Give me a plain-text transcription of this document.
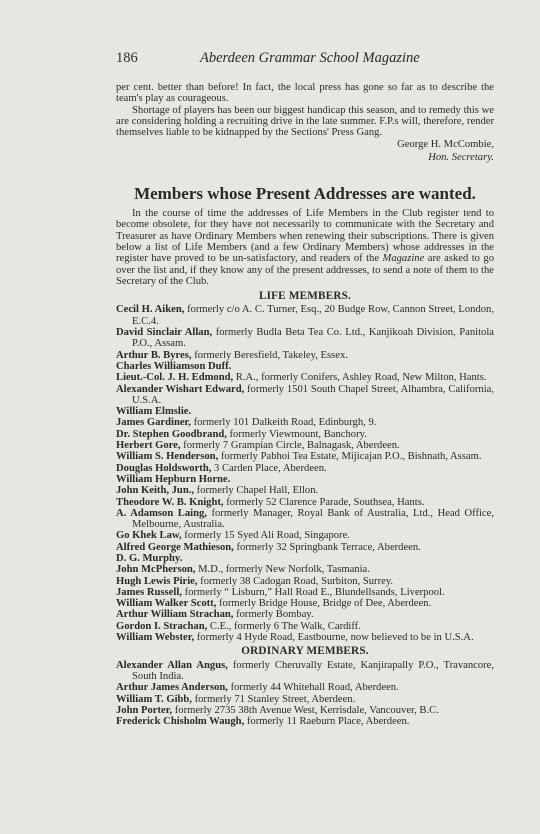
186	Aberdeen Grammar School Magazine

per cent. better than before! In fact, the local press has gone so far as to describe the team's play as courageous.

Shortage of players has been our biggest handicap this season, and to remedy this we are considering holding a recruiting drive in the late summer. F.P.s will, therefore, render themselves liable to be kidnapped by the Sections' Press Gang.

George H. McCombie,
Hon. Secretary.
Members whose Present Addresses are wanted.

In the course of time the addresses of Life Members in the Club register tend to become obsolete, for they have not necessarily to communicate with the Secretary and Treasurer as have Ordinary Members when renewing their subscriptions. There is given below a list of Life Members (and a few Ordinary Members) whose addresses in the register have proved to be un-satisfactory, and readers of the Magazine are asked to go over the list and, if they know any of the present addresses, to send a note of them to the Secretary of the Club.

LIFE MEMBERS.
Cecil H. Aiken, formerly c/o A. C. Turner, Esq., 20 Budge Row, Cannon Street, London, E.C.4.
David Sinclair Allan, formerly Budla Beta Tea Co. Ltd., Kanjikoah Division, Panitola P.O., Assam.
Arthur B. Byres, formerly Beresfield, Takeley, Essex.
Charles Williamson Duff.
Lieut.-Col. J. H. Edmond, R.A., formerly Conifers, Ashley Road, New Milton, Hants.
Alexander Wishart Edward, formerly 1501 South Chapel Street, Alhambra, California, U.S.A.
William Elmslie.
James Gardiner, formerly 101 Dalkeith Road, Edinburgh, 9.
Dr. Stephen Goodbrand, formerly Viewmount, Banchory.
Herbert Gore, formerly 7 Grampian Circle, Balnagask, Aberdeen.
William S. Henderson, formerly Pabhoi Tea Estate, Mijicajan P.O., Bishnath, Assam.
Douglas Holdsworth, 3 Carden Place, Aberdeen.
William Hepburn Horne.
John Keith, Jun., formerly Chapel Hall, Ellon.
Theodore W. B. Knight, formerly 52 Clarence Parade, Southsea, Hants.
A. Adamson Laing, formerly Manager, Royal Bank of Australia, Ltd., Head Office, Melbourne, Australia.
Go Khek Law, formerly 15 Syed Ali Road, Singapore.
Alfred George Mathieson, formerly 32 Springbank Terrace, Aberdeen.
D. G. Murphy.
John McPherson, M.D., formerly New Norfolk, Tasmania.
Hugh Lewis Pirie, formerly 38 Cadogan Road, Surbiton, Surrey.
James Russell, formerly “ Lisburn,” Hall Road E., Blundellsands, Liverpool.
William Walker Scott, formerly Bridge House, Bridge of Dee, Aberdeen.
Arthur William Strachan, formerly Bombay.
Gordon I. Strachan, C.E., formerly 6 The Walk, Cardiff.
William Webster, formerly 4 Hyde Road, Eastbourne, now believed to be in U.S.A.
ORDINARY MEMBERS.
Alexander Allan Angus, formerly Cheruvally Estate, Kanjirapally P.O., Travancore, South India.
Arthur James Anderson, formerly 44 Whitehall Road, Aberdeen.
William T. Gibb, formerly 71 Stanley Street, Aberdeen.
John Porter, formerly 2735 38th Avenue West, Kerrisdale, Vancouver, B.C.
Frederick Chisholm Waugh, formerly 11 Raeburn Place, Aberdeen.
